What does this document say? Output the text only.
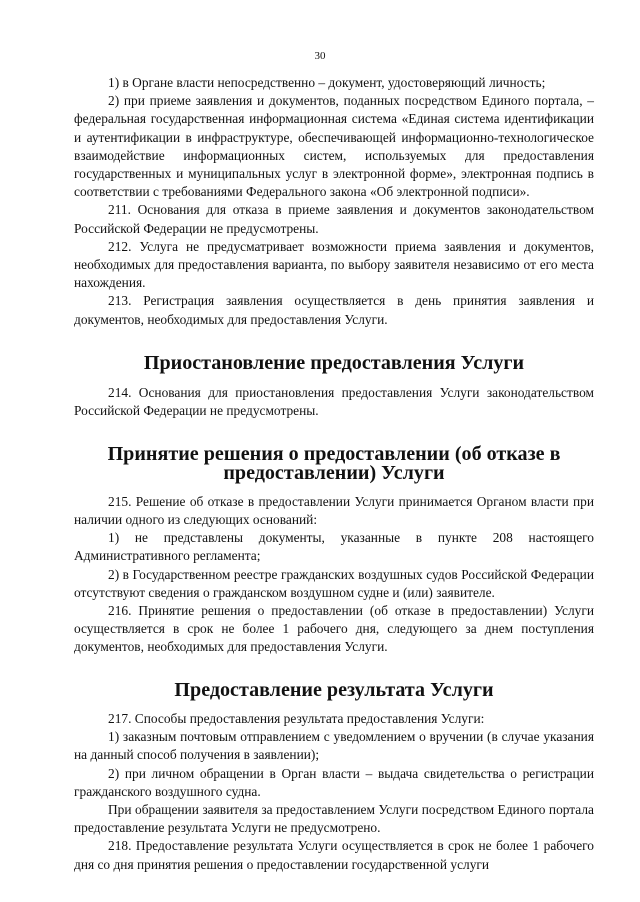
30

1) в Органе власти непосредственно – документ, удостоверяющий личность;

2) при приеме заявления и документов, поданных посредством Единого портала, – федеральная государственная информационная система «Единая система идентификации и аутентификации в инфраструктуре, обеспечивающей информационно-технологическое взаимодействие информационных систем, используемых для предоставления государственных и муниципальных услуг в электронной форме», электронная подпись в соответствии с требованиями Федерального закона «Об электронной подписи».

211. Основания для отказа в приеме заявления и документов законодательством Российской Федерации не предусмотрены.

212. Услуга не предусматривает возможности приема заявления и документов, необходимых для предоставления варианта, по выбору заявителя независимо от его места нахождения.

213. Регистрация заявления осуществляется в день принятия заявления и документов, необходимых для предоставления Услуги.

Приостановление предоставления Услуги

214. Основания для приостановления предоставления Услуги законодательством Российской Федерации не предусмотрены.

Принятие решения о предоставлении (об отказе в предоставлении) Услуги

215. Решение об отказе в предоставлении Услуги принимается Органом власти при наличии одного из следующих оснований:

1) не представлены документы, указанные в пункте 208 настоящего Административного регламента;

2) в Государственном реестре гражданских воздушных судов Российской Федерации отсутствуют сведения о гражданском воздушном судне и (или) заявителе.

216. Принятие решения о предоставлении (об отказе в предоставлении) Услуги осуществляется в срок не более 1 рабочего дня, следующего за днем поступления документов, необходимых для предоставления Услуги.

Предоставление результата Услуги

217. Способы предоставления результата предоставления Услуги:

1) заказным почтовым отправлением с уведомлением о вручении (в случае указания на данный способ получения в заявлении);

2) при личном обращении в Орган власти – выдача свидетельства о регистрации гражданского воздушного судна.

При обращении заявителя за предоставлением Услуги посредством Единого портала предоставление результата Услуги не предусмотрено.

218. Предоставление результата Услуги осуществляется в срок не более 1 рабочего дня со дня принятия решения о предоставлении государственной услуги
